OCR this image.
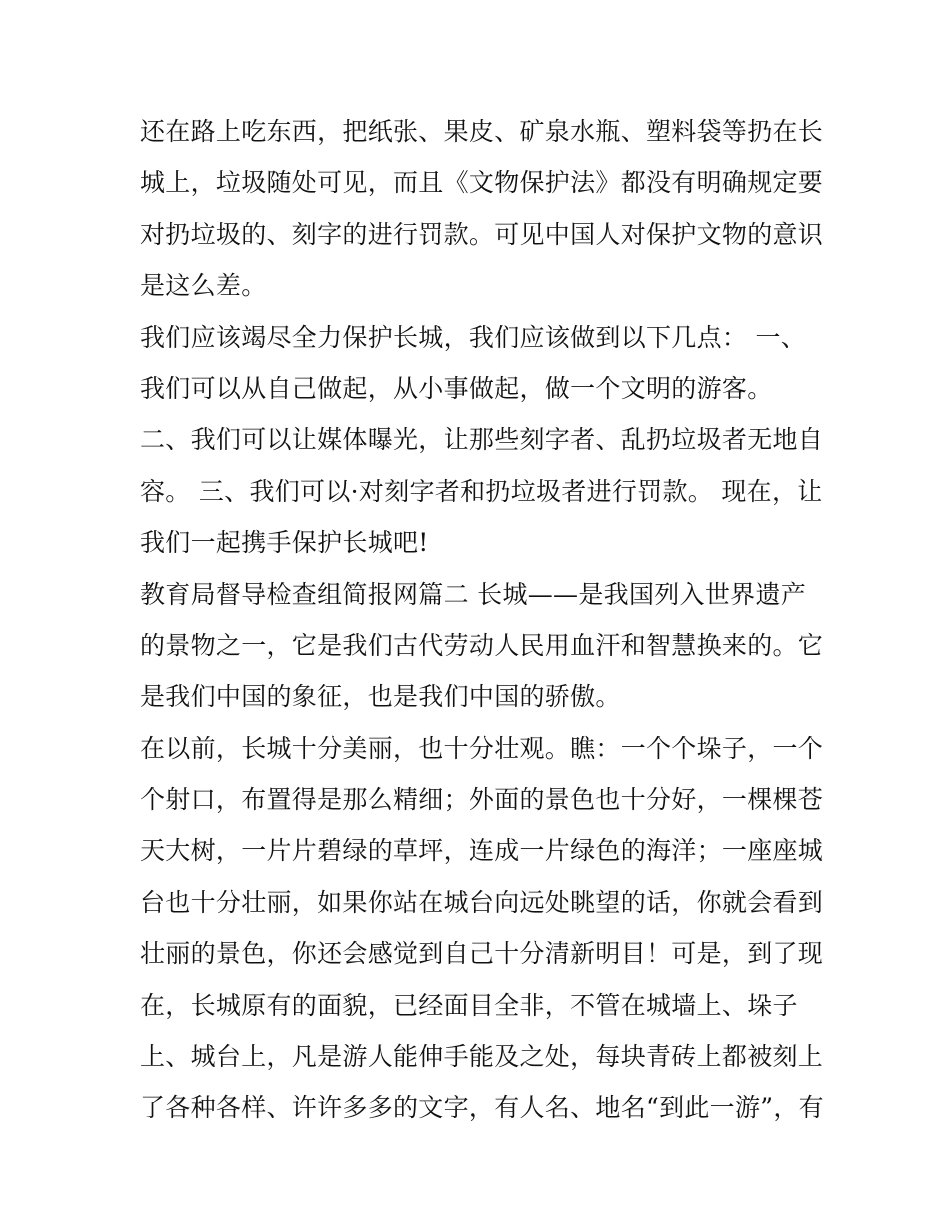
还在路上吃东西，把纸张、果皮、矿泉水瓶、塑料袋等扔在长
城上，垃圾随处可见，而且《文物保护法》都没有明确规定要
对扔垃圾的、刻字的进行罚款。可见中国人对保护文物的意识
是这么差。
我们应该竭尽全力保护长城，我们应该做到以下几点： 一、
我们可以从自己做起，从小事做起，做一个文明的游客。
二、我们可以让媒体曝光，让那些刻字者、乱扔垃圾者无地自
容。 三、我们可以·对刻字者和扔垃圾者进行罚款。 现在，让
我们一起携手保护长城吧!
教育局督导检查组简报网篇二 长城——是我国列入世界遗产
的景物之一，它是我们古代劳动人民用血汗和智慧换来的。它
是我们中国的象征，也是我们中国的骄傲。
在以前，长城十分美丽，也十分壮观。瞧：一个个垛子，一个
个射口，布置得是那么精细；外面的景色也十分好，一棵棵苍
天大树，一片片碧绿的草坪，连成一片绿色的海洋；一座座城
台也十分壮丽，如果你站在城台向远处眺望的话，你就会看到
壮丽的景色，你还会感觉到自己十分清新明目！可是，到了现
在，长城原有的面貌，已经面目全非，不管在城墙上、垛子
上、城台上，凡是游人能伸手能及之处，每块青砖上都被刻上
了各种各样、许许多多的文字，有人名、地名“到此一游”，有
